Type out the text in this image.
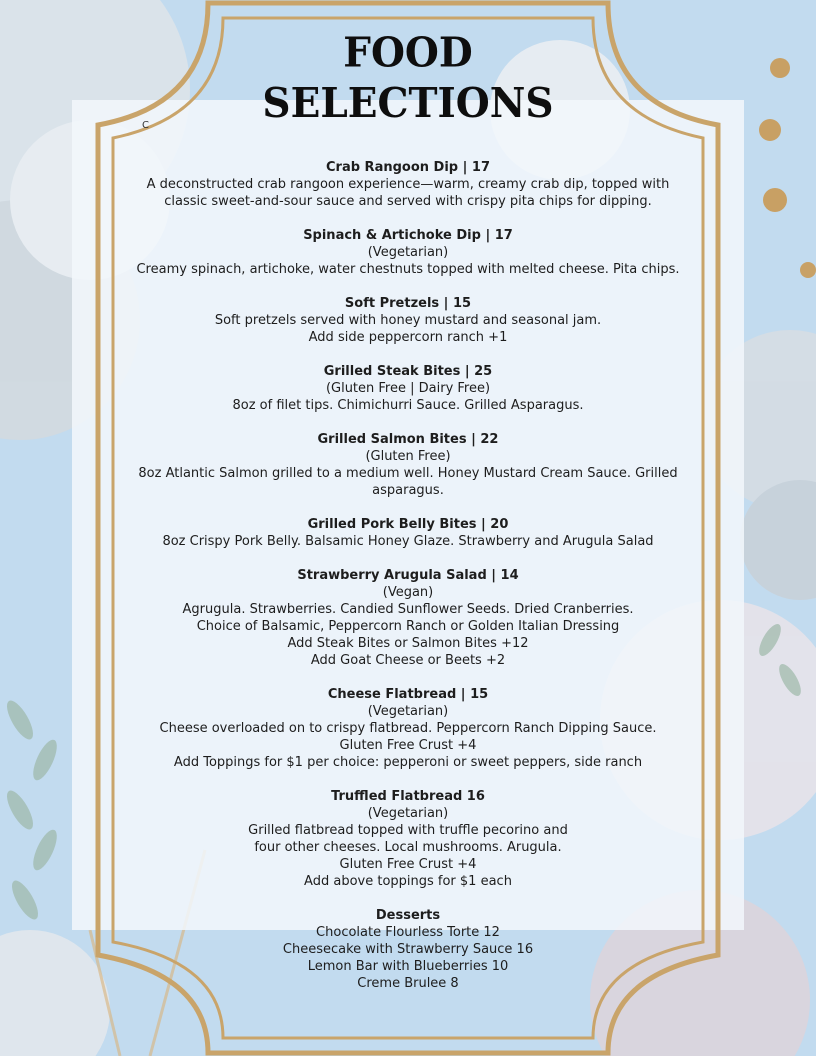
FOOD
SELECTIONS
C
Crab Rangoon Dip | 17
A deconstructed crab rangoon experience—warm, creamy crab dip, topped with
classic sweet-and-sour sauce and served with crispy pita chips for dipping.
Spinach & Artichoke Dip | 17
(Vegetarian)
Creamy spinach, artichoke, water chestnuts topped with melted cheese. Pita chips.
Soft Pretzels | 15
Soft pretzels served with honey mustard and seasonal jam.
Add side peppercorn ranch +1
Grilled Steak Bites | 25
(Gluten Free | Dairy Free)
8oz of filet tips. Chimichurri Sauce. Grilled Asparagus.
Grilled Salmon Bites | 22
(Gluten Free)
8oz Atlantic Salmon grilled to a medium well. Honey Mustard Cream Sauce. Grilled
asparagus.
Grilled Pork Belly Bites | 20
8oz Crispy Pork Belly. Balsamic Honey Glaze. Strawberry and Arugula Salad
Strawberry Arugula Salad | 14
(Vegan)
Agrugula. Strawberries. Candied Sunflower Seeds. Dried Cranberries.
Choice of Balsamic, Peppercorn Ranch or Golden Italian Dressing
Add Steak Bites or Salmon Bites +12
Add Goat Cheese or Beets +2
Cheese Flatbread | 15
(Vegetarian)
Cheese overloaded on to crispy flatbread. Peppercorn Ranch Dipping Sauce.
Gluten Free Crust +4
Add Toppings for $1 per choice: pepperoni or sweet peppers, side ranch
Truffled Flatbread 16
(Vegetarian)
Grilled flatbread topped with truffle pecorino and
four other cheeses. Local mushrooms. Arugula.
Gluten Free Crust +4
Add above toppings for $1 each
Desserts
Chocolate Flourless Torte 12
Cheesecake with Strawberry Sauce 16
Lemon Bar with Blueberries 10
Creme Brulee 8
